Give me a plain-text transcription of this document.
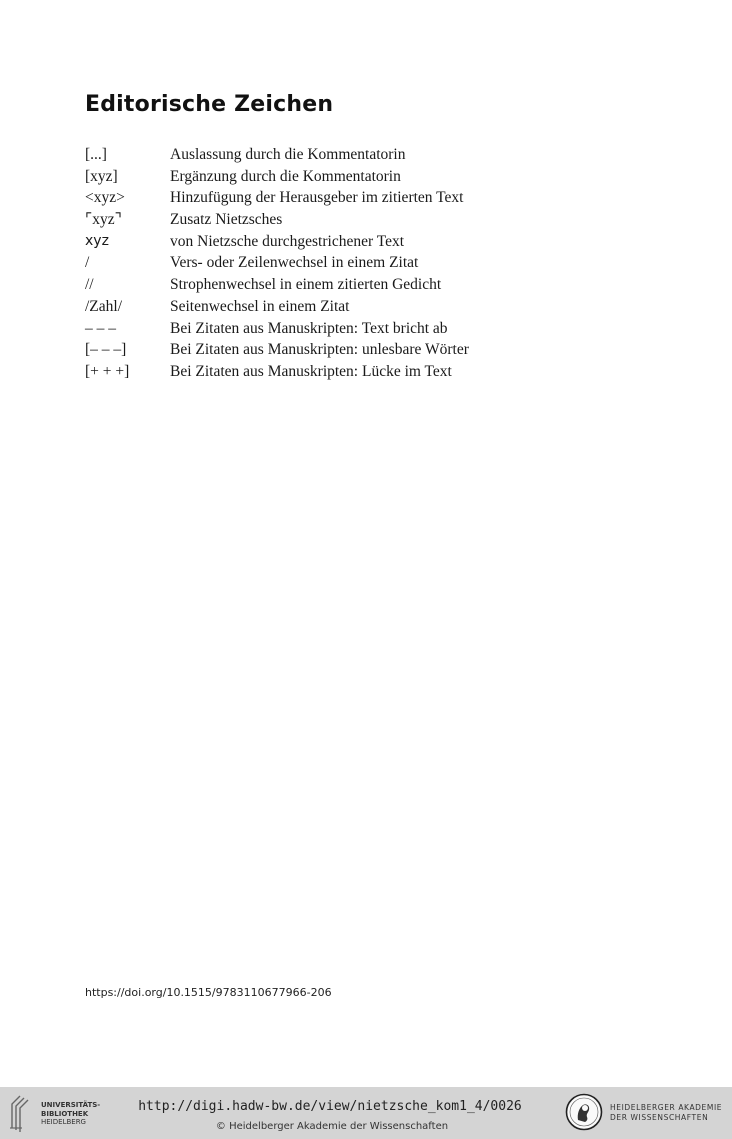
Editorische Zeichen
[...]	Auslassung durch die Kommentatorin
[xyz]	Ergänzung durch die Kommentatorin
<xyz>	Hinzufügung der Herausgeber im zitierten Text
⌜xyz⌝	Zusatz Nietzsches
xyz	von Nietzsche durchgestrichener Text
/	Vers- oder Zeilenwechsel in einem Zitat
//	Strophenwechsel in einem zitierten Gedicht
/Zahl/	Seitenwechsel in einem Zitat
– – –	Bei Zitaten aus Manuskripten: Text bricht ab
[– – –]	Bei Zitaten aus Manuskripten: unlesbare Wörter
[+ + +]	Bei Zitaten aus Manuskripten: Lücke im Text
https://doi.org/10.1515/9783110677966-206
UNIVERSITÄTS-
BIBLIOTHEK
HEIDELBERG
http://digi.hadw-bw.de/view/nietzsche_kom1_4/0026
© Heidelberger Akademie der Wissenschaften
HEIDELBERGER AKADEMIE
DER WISSENSCHAFTEN
